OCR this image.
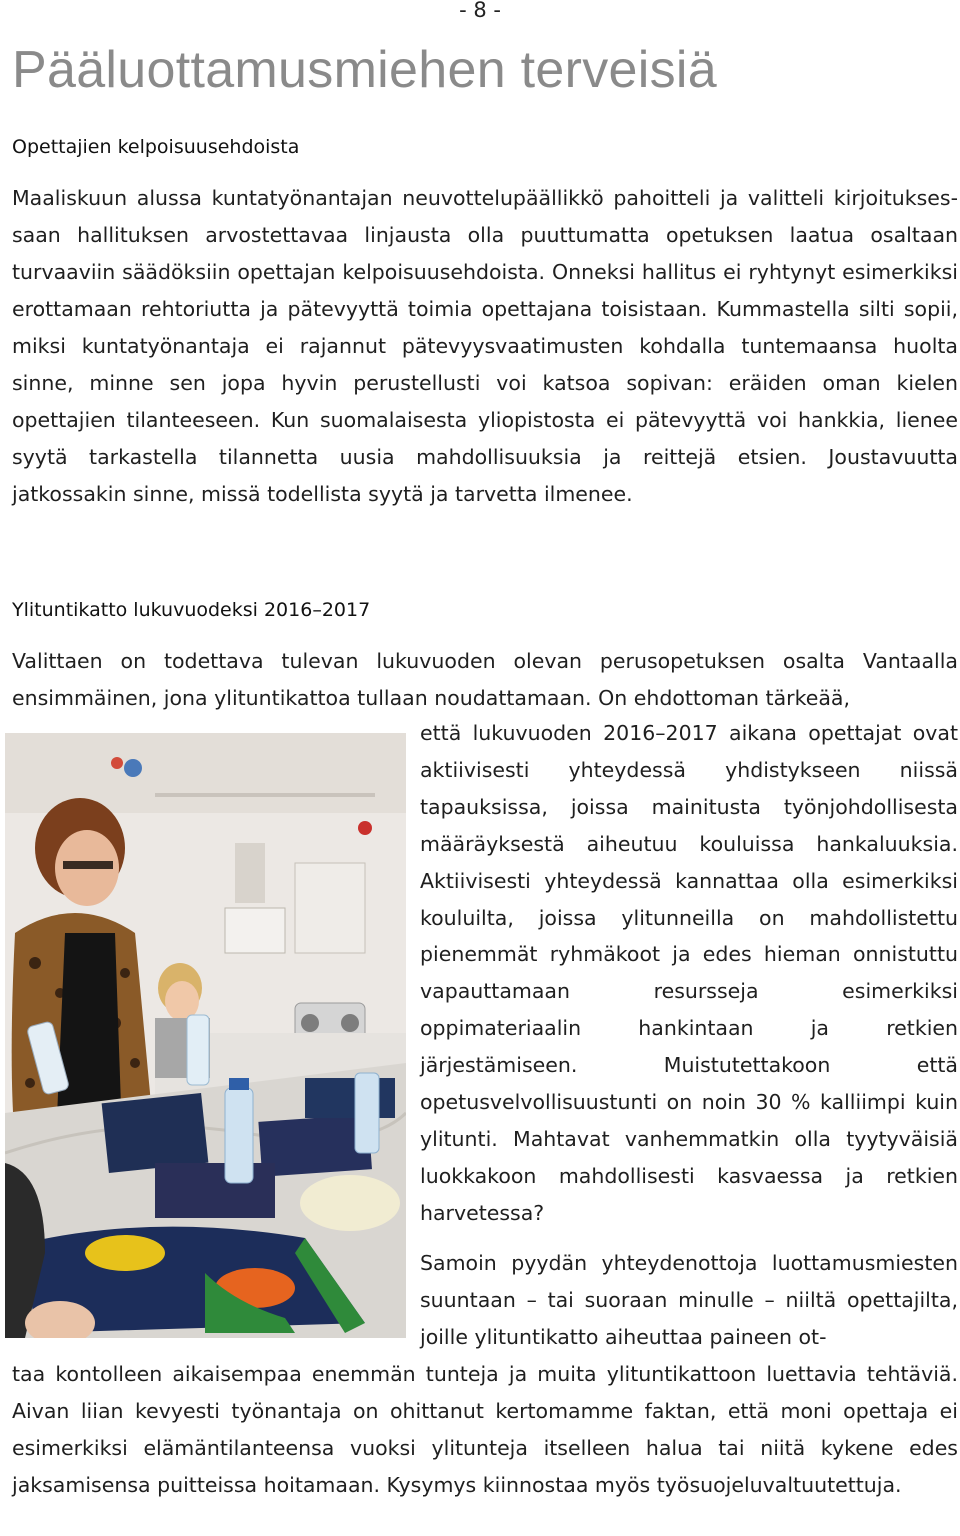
- 8 -
Pääluottamusmiehen terveisiä
Opettajien kelpoisuusehdoista

Maaliskuun alussa kuntatyönantajan neuvottelupäällikkö pahoitteli ja valitteli kirjoituksessaan hallituksen arvostettavaa linjausta olla puuttumatta opetuksen laatua osaltaan turvaaviin säädöksiin opettajan kelpoisuusehdoista. Onneksi hallitus ei ryhtynyt esimerkiksi erottamaan rehtoriutta ja pätevyyttä toimia opettajana toisistaan. Kummastella silti sopii, miksi kuntatyönantaja ei rajannut pätevyysvaatimusten kohdalla tuntemaansa huolta sinne, minne sen jopa hyvin perustellusti voi katsoa sopivan: eräiden oman kielen opettajien tilanteeseen. Kun suomalaisesta yliopistosta ei pätevyyttä voi hankkia, lienee syytä tarkastella tilannetta uusia mahdollisuuksia ja reittejä etsien. Joustavuutta jatkossakin sinne, missä todellista syytä ja tarvetta ilmenee.

Ylituntikatto lukuvuodeksi 2016–2017

Valittaen on todettava tulevan lukuvuoden olevan perusopetuksen osalta Vantaalla ensimmäinen, jona ylituntikattoa tullaan noudattamaan. On ehdottoman tärkeää,

että lukuvuoden 2016–2017 aikana opettajat ovat aktiivisesti yhteydessä yhdistykseen niissä tapauksissa, joissa mainitusta työnjohdollisesta määräyksestä aiheutuu kouluissa hankaluuksia. Aktiivisesti yhteydessä kannattaa olla esimerkiksi kouluilta, joissa ylitunneilla on mahdollistettu pienemmät ryhmäkoot ja edes hieman onnistuttu vapauttamaan resursseja esimerkiksi oppimateriaalin hankintaan ja retkien järjestämiseen. Muistutettakoon että opetusvelvollisuustunti on noin 30 % kalliimpi kuin ylitunti. Mahtavat vanhemmatkin olla tyytyväisiä luokkakoon mahdollisesti kasvaessa ja retkien harvetessa?

Samoin pyydän yhteydenottoja luottamusmiesten suuntaan – tai suoraan minulle – niiltä opettajilta, joille ylituntikatto aiheuttaa paineen ot-

taa kontolleen aikaisempaa enemmän tunteja ja muita ylituntikattoon luettavia tehtäviä. Aivan liian kevyesti työnantaja on ohittanut kertomamme faktan, että moni opettaja ei esimerkiksi elämäntilanteensa vuoksi ylitunteja itselleen halua tai niitä kykene edes jaksamisensa puitteissa hoitamaan. Kysymys kiinnostaa myös työsuojeluvaltuutettuja.
